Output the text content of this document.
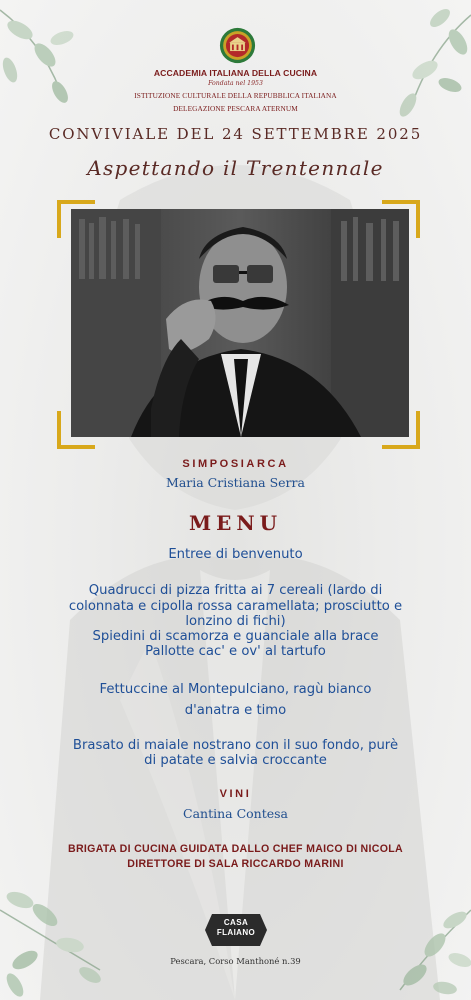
ACCADEMIA ITALIANA DELLA CUCINA
Fondata nel 1953
ISTITUZIONE CULTURALE DELLA REPUBBLICA ITALIANA
DELEGAZIONE PESCARA ATERNUM
CONVIVIALE DEL 24 SETTEMBRE 2025
Aspettando il Trentennale
SIMPOSIARCA
Maria Cristiana Serra
MENU
Entree di benvenuto
Quadrucci di pizza fritta ai 7 cereali (lardo di
colonnata e cipolla rossa caramellata; prosciutto e
lonzino di fichi)
Spiedini di scamorza e guanciale alla brace
Pallotte cac' e ov' al tartufo
Fettuccine al Montepulciano, ragù bianco
d'anatra e timo
Brasato di maiale nostrano con il suo fondo, purè
di patate e salvia croccante
VINI
Cantina Contesa
BRIGATA DI CUCINA GUIDATA DALLO CHEF MAICO DI NICOLA
DIRETTORE DI SALA RICCARDO MARINI
CASA
FLAIANO
Pescara, Corso Manthoné n.39
